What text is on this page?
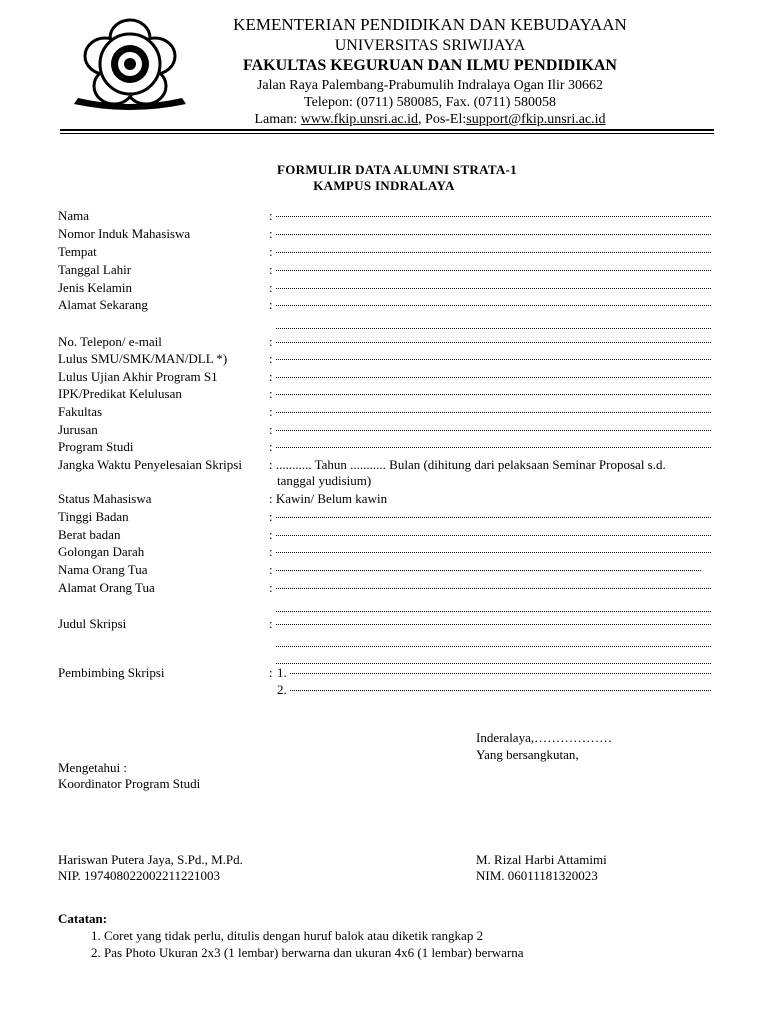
KEMENTERIAN PENDIDIKAN DAN KEBUDAYAAN
UNIVERSITAS SRIWIJAYA
FAKULTAS KEGURUAN DAN ILMU PENDIDIKAN
Jalan Raya Palembang-Prabumulih Indralaya Ogan Ilir 30662
Telepon: (0711) 580085, Fax. (0711) 580058
Laman: www.fkip.unsri.ac.id, Pos-El:support@fkip.unsri.ac.id
FORMULIR DATA ALUMNI STRATA-1
KAMPUS INDRALAYA
Nama	:
Nomor Induk Mahasiswa	:
Tempat	:
Tanggal Lahir	:
Jenis Kelamin	:
Alamat Sekarang	:
No. Telepon/ e-mail	:
Lulus SMU/SMK/MAN/DLL *)	:
Lulus Ujian Akhir Program S1	:
IPK/Predikat Kelulusan	:
Fakultas	:
Jurusan	:
Program Studi	:
Jangka Waktu Penyelesaian Skripsi : ........... Tahun ........... Bulan (dihitung dari pelaksaan Seminar Proposal s.d.
tanggal yudisium)
Status Mahasiswa	: Kawin/ Belum kawin
Tinggi Badan	:
Berat badan	:
Golongan Darah	:
Nama Orang Tua	:
Alamat Orang Tua	:
Judul Skripsi	:
Pembimbing Skripsi	: 1.
2.
Inderalaya,………………
Yang bersangkutan,
Mengetahui :
Koordinator Program Studi
Hariswan Putera Jaya, S.Pd., M.Pd.
NIP. 197408022002211221003
M. Rizal Harbi Attamimi
NIM. 06011181320023
Catatan:
1. Coret yang tidak perlu, ditulis dengan huruf balok atau diketik rangkap 2
2. Pas Photo Ukuran 2x3 (1 lembar) berwarna dan ukuran 4x6 (1 lembar) berwarna
